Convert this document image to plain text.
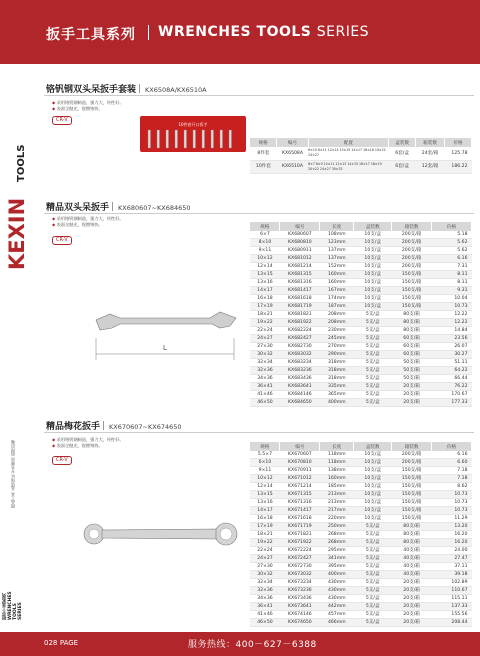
扳手工具系列 WRENCHES TOOLS SERIES
KEXIN
TOOLS
精品工具 品质保证 专业制造 值得信赖
扳手工具系列 WRENCHES TOOLS SERIES
铬钒钢双头呆扳手套装 KX6508A/KX6510A
◆ 采用铬钒钢制造，强力大，经性好。
◆ 表面全抛光，锐镀铬协。
CR-V
10件套开口扳手
规格	编号	配置	盒装数	箱装数	价格
8件套	KX6508A	6×10 8×11 12×14 13×15 14×17 16×18 19×22 24×27	6套/盒	24套/箱	125.78
10件套	KX6510A	6×7 8×9 10×11 12×13 14×15 16×17 18×19 20×22 24×27 30×32	6套/盒	12套/箱	186.22
精品双头呆扳手 KX680607~KX684650
◆ 采用铬钒钢制造，强力大，经性好。
◆ 表面全抛光，锐镀铬协。
CR-V
L
规格	编号	长度	盒装数	箱装数	价格
6×7	KX680607	108mm	10支/盒	200支/箱	5.18
8×10	KX680810	123mm	10支/盒	200支/箱	5.62
9×11	KX680911	137mm	10支/盒	200支/箱	5.62
10×12	KX681012	137mm	10支/盒	200支/箱	6.16
12×14	KX681214	152mm	10支/盒	200支/箱	7.31
13×15	KX681315	160mm	10支/盒	150支/箱	8.11
13×16	KX681316	160mm	10支/盒	150支/箱	8.11
14×17	KX681417	167mm	10支/盒	150支/箱	9.31
16×18	KX681618	174mm	10支/盒	150支/箱	10.04
17×19	KX681719	187mm	10支/盒	150支/箱	10.73
18×21	KX681821	208mm	5支/盒	80支/箱	12.22
19×22	KX681922	208mm	5支/盒	80支/箱	12.22
22×24	KX682224	230mm	5支/盒	80支/箱	14.84
24×27	KX682427	245mm	5支/盒	60支/箱	23.56
27×30	KX682730	270mm	5支/盒	60支/箱	26.07
30×32	KX683032	290mm	5支/盒	60支/箱	30.27
32×34	KX683234	318mm	5支/盒	50支/箱	51.11
32×36	KX683236	318mm	5支/盒	50支/箱	64.22
34×36	KX683436	318mm	5支/盒	50支/箱	66.44
36×41	KX683641	335mm	5支/盒	20支/箱	76.22
41×46	KX684146	365mm	5支/盒	20支/箱	170.67
46×50	KX684650	400mm	5支/盒	20支/箱	177.33
精品梅花扳手 KX670607~KX674650
◆ 采用铬钒钢制造，强力大，经性好。
◆ 表面全抛光，锐镀铬协。
CR-V
规格	编号	长度	盒装数	箱装数	价格
5.5×7	KX670607	118mm	10支/盒	200支/箱	6.16
6×10	KX670810	118mm	10支/盒	200支/箱	6.60
9×11	KX670911	138mm	10支/盒	150支/箱	7.18
10×12	KX671012	160mm	10支/盒	150支/箱	7.18
12×14	KX671214	185mm	10支/盒	150支/箱	8.62
13×15	KX671315	213mm	10支/盒	150支/箱	10.73
13×16	KX671316	213mm	10支/盒	150支/箱	10.73
14×17	KX671417	217mm	10支/盒	150支/箱	10.73
16×18	KX671618	220mm	10支/盒	150支/箱	11.29
17×19	KX671719	250mm	5支/盒	80支/箱	13.20
18×21	KX671821	268mm	5支/盒	80支/箱	16.20
19×22	KX671922	268mm	5支/盒	80支/箱	16.20
22×24	KX672224	295mm	5支/盒	40支/箱	24.00
24×27	KX672427	341mm	5支/盒	40支/箱	27.47
27×30	KX672730	395mm	5支/盒	40支/箱	37.11
30×32	KX673032	400mm	5支/盒	40支/箱	39.18
32×34	KX673234	430mm	5支/盒	20支/箱	102.89
32×36	KX673236	430mm	5支/盒	20支/箱	110.67
34×36	KX673436	430mm	5支/盒	20支/箱	115.11
36×41	KX673641	442mm	5支/盒	20支/箱	137.33
41×46	KX674146	457mm	5支/盒	20支/箱	155.56
46×50	KX674650	466mm	5支/盒	20支/箱	208.44
028 PAGE	服务热线：400－627－6388
